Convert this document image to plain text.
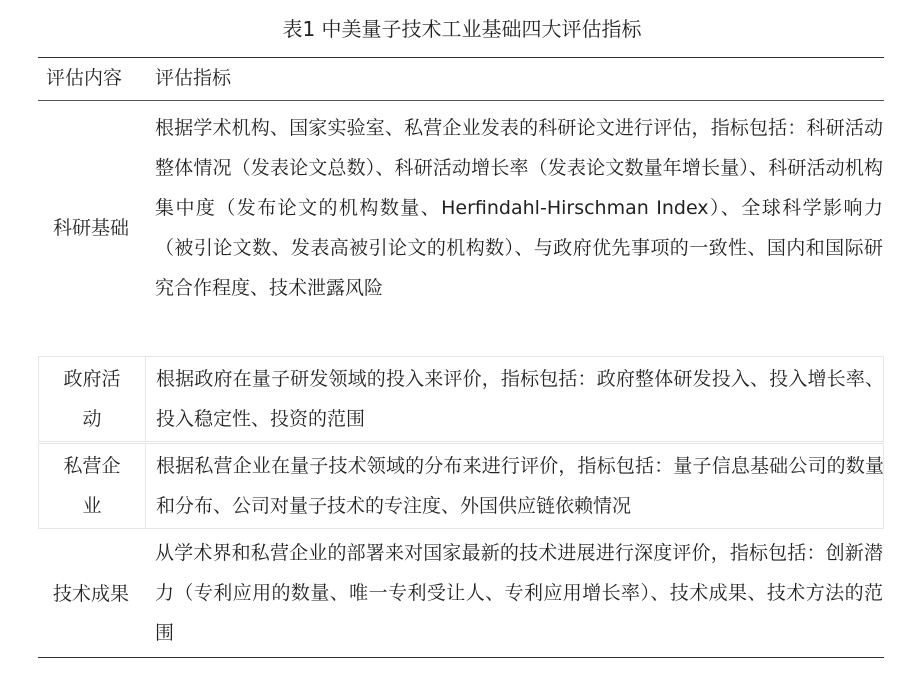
表1 中美量子技术工业基础四大评估指标
评估内容 评估指标
科研基础
根据学术机构、国家实验室、私营企业发表的科研论文进行评估，指标包括：科研活动整体情况（发表论文总数）、科研活动增长率（发表论文数量年增长量）、科研活动机构集中度（发布论文的机构数量、Herfindahl-Hirschman Index）、全球科学影响力（被引论文数、发表高被引论文的机构数）、与政府优先事项的一致性、国内和国际研究合作程度、技术泄露风险
政府活动
根据政府在量子研发领域的投入来评价，指标包括：政府整体研发投入、投入增长率、投入稳定性、投资的范围
私营企业
根据私营企业在量子技术领域的分布来进行评价，指标包括：量子信息基础公司的数量和分布、公司对量子技术的专注度、外国供应链依赖情况
技术成果
从学术界和私营企业的部署来对国家最新的技术进展进行深度评价，指标包括：创新潜力（专利应用的数量、唯一专利受让人、专利应用增长率）、技术成果、技术方法的范围
